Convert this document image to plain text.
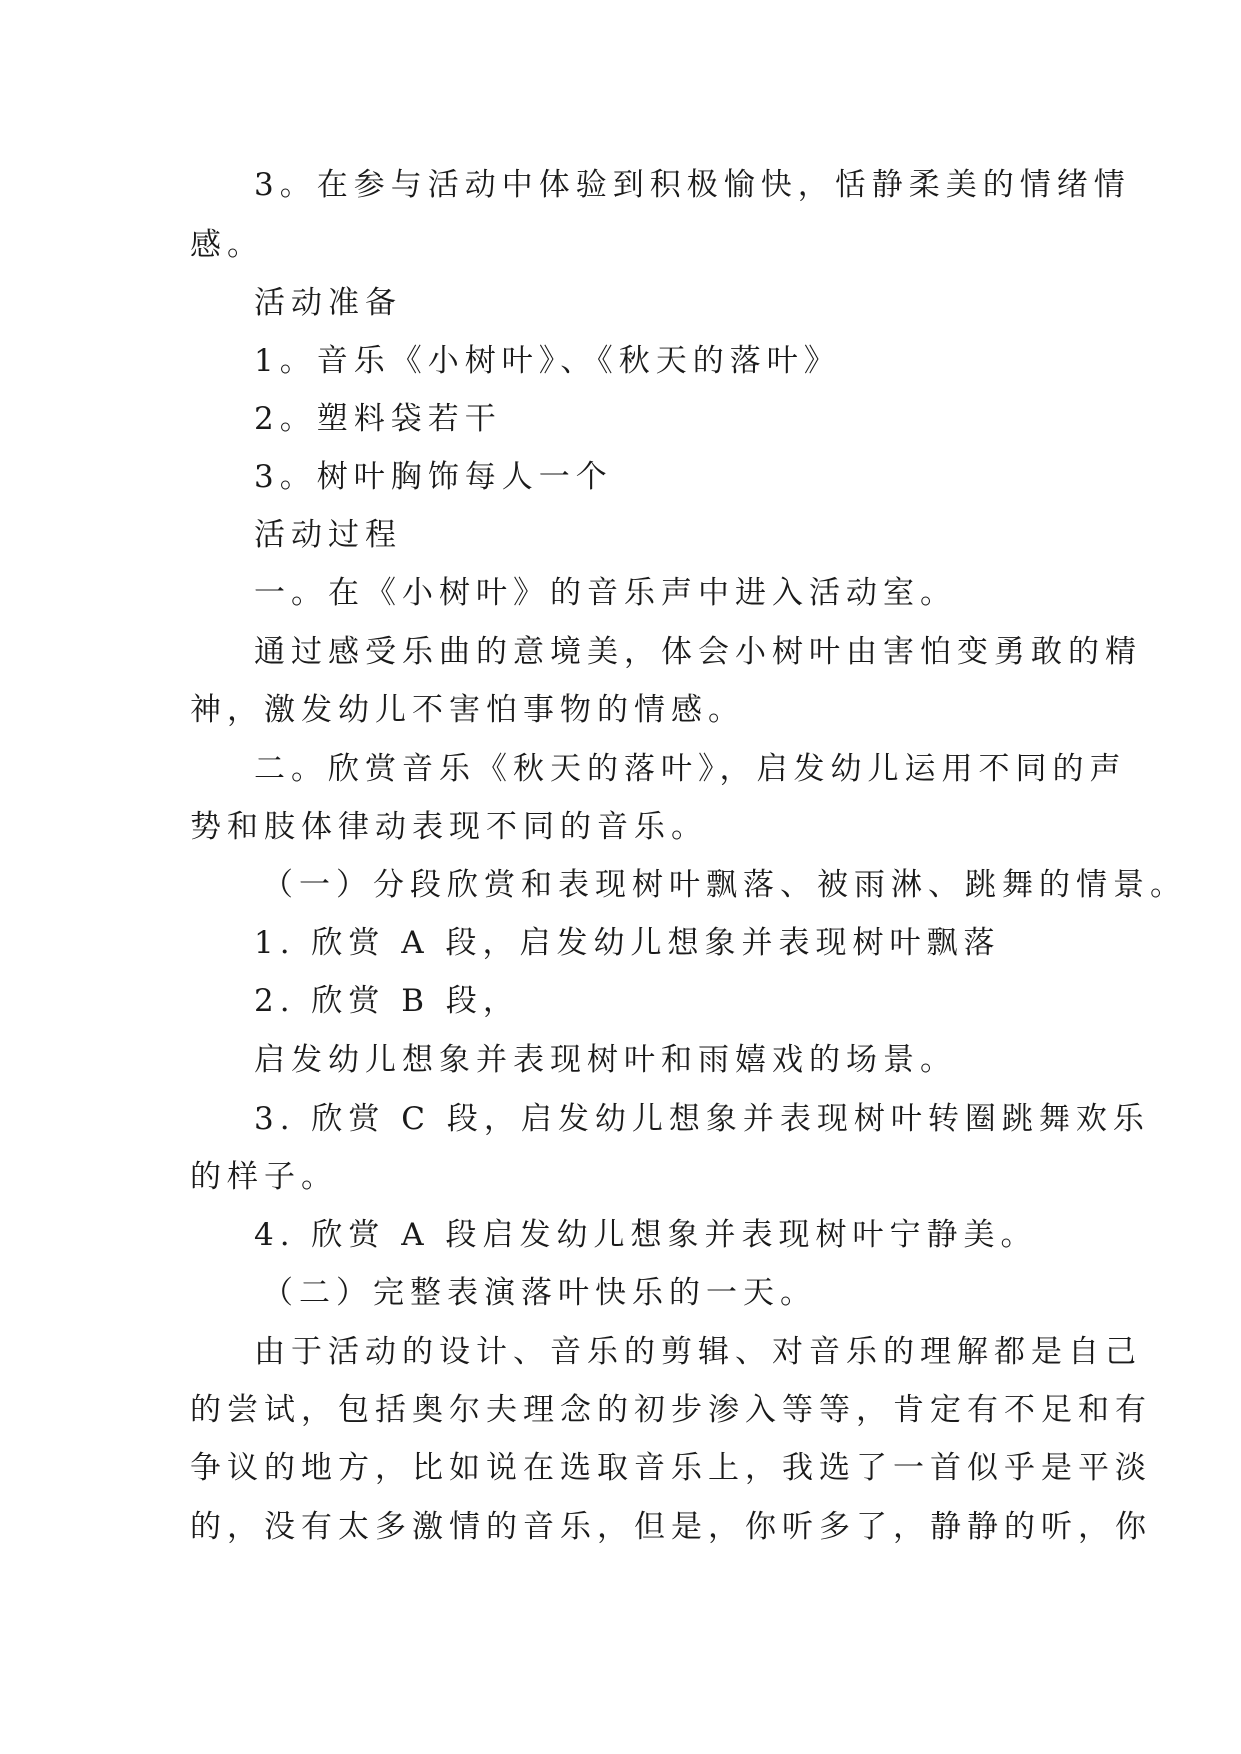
3。在参与活动中体验到积极愉快，恬静柔美的情绪情
感。
活动准备
1。音乐《小树叶》、《秋天的落叶》
2。塑料袋若干
3。树叶胸饰每人一个
活动过程
一。在《小树叶》的音乐声中进入活动室。
通过感受乐曲的意境美，体会小树叶由害怕变勇敢的精
神，激发幼儿不害怕事物的情感。
二。欣赏音乐《秋天的落叶》，启发幼儿运用不同的声
势和肢体律动表现不同的音乐。
（一）分段欣赏和表现树叶飘落、被雨淋、跳舞的情景。
1. 欣赏 A 段，启发幼儿想象并表现树叶飘落
2. 欣赏 B 段，
启发幼儿想象并表现树叶和雨嬉戏的场景。
3. 欣赏 C 段，启发幼儿想象并表现树叶转圈跳舞欢乐
的样子。
4. 欣赏 A 段启发幼儿想象并表现树叶宁静美。
（二）完整表演落叶快乐的一天。
由于活动的设计、音乐的剪辑、对音乐的理解都是自己
的尝试，包括奥尔夫理念的初步渗入等等，肯定有不足和有
争议的地方，比如说在选取音乐上，我选了一首似乎是平淡
的，没有太多激情的音乐，但是，你听多了，静静的听，你
